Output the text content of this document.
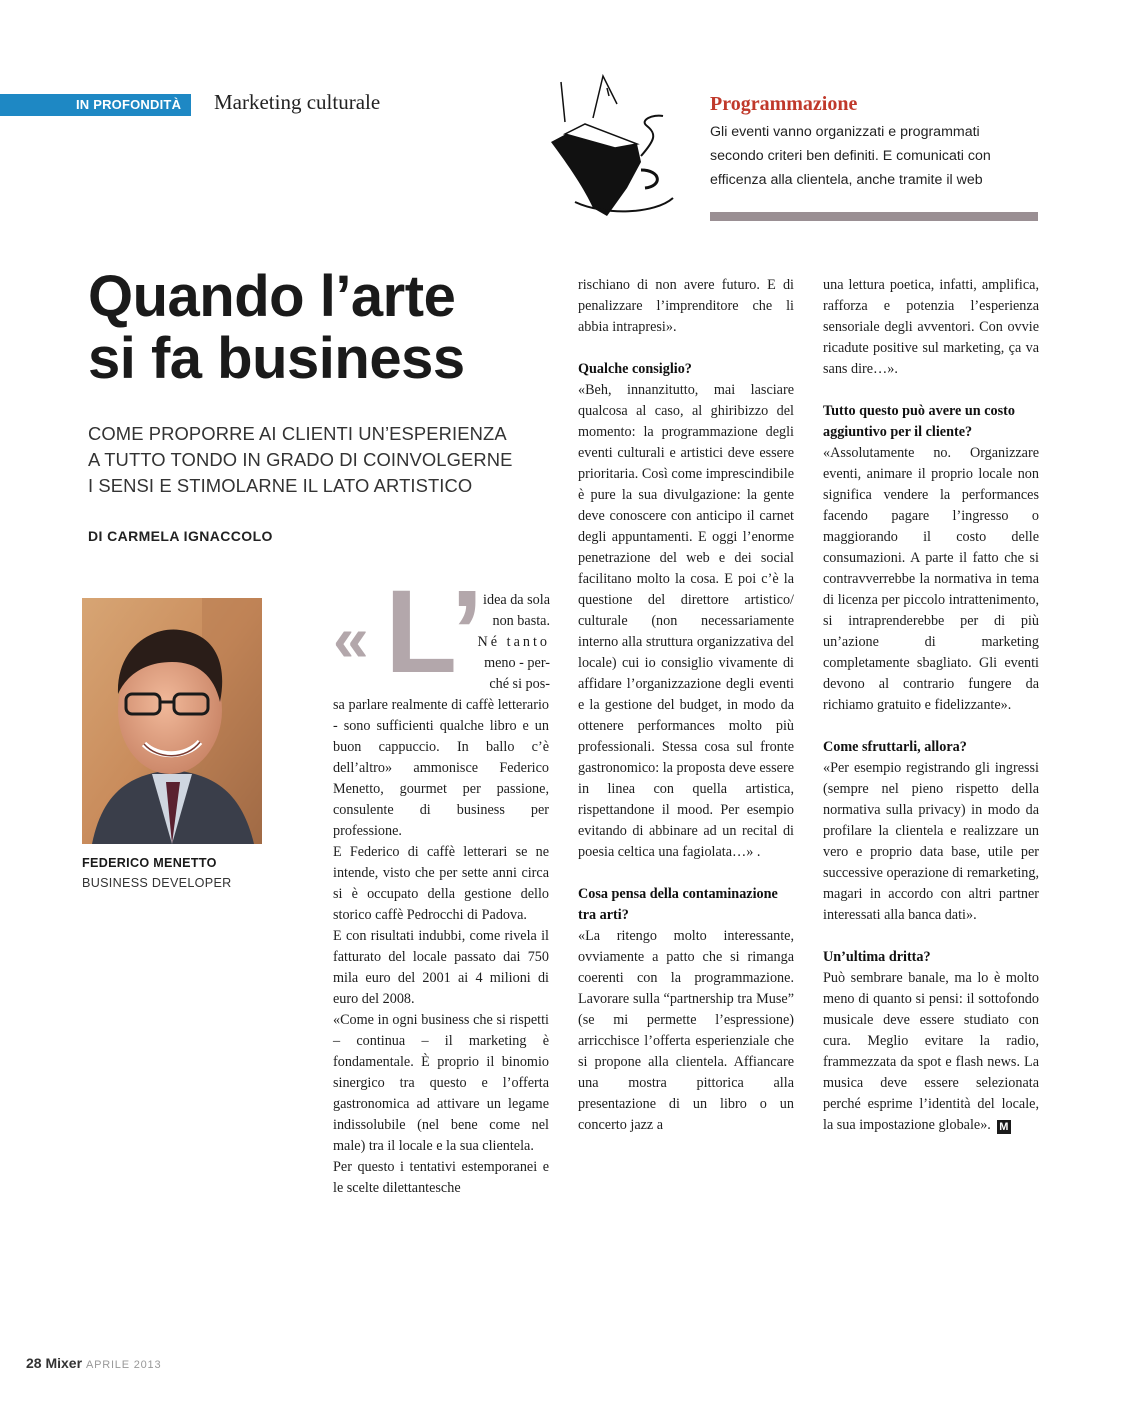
IN PROFONDITÀ	Marketing culturale	Programmazione
Gli eventi vanno organizzati e programmati
secondo criteri ben definiti. E comunicati con
efficenza alla clientela, anche tramite il web
Quando l’arte
si fa business
COME PROPORRE AI CLIENTI UN’ESPERIENZA
A TUTTO TONDO IN GRADO DI COINVOLGERNE
I SENSI E STIMOLARNE IL LATO ARTISTICO
DI CARMELA IGNACCOLO
FEDERICO MENETTO
BUSINESS DEVELOPER
« L’ idea da sola
non basta.
Né tanto
meno - per-
ché si pos-

sa parlare realmente di caffè letterario - sono sufficienti qualche libro e un buon cappuccio. In ballo c’è dell’altro» ammonisce Federico Menetto, gourmet per passione, consulente di business per professione.

E Federico di caffè letterari se ne intende, visto che per sette anni circa si è occupato della gestione dello storico caffè Pedrocchi di Padova.

E con risultati indubbi, come rivela il fatturato del locale passato dai 750 mila euro del 2001 ai 4 milioni di euro del 2008.

«Come in ogni business che si rispetti – continua – il marketing è fondamentale. È proprio il binomio sinergico tra questo e l’offerta gastronomica ad attivare un legame indissolubile (nel bene come nel male) tra il locale e la sua clientela.

Per questo i tentativi estemporanei e le scelte dilettantesche

rischiano di non avere futuro. E di penalizzare l’imprenditore che li abbia intrapresi».

Qualche consiglio?

«Beh, innanzitutto, mai lasciare qualcosa al caso, al ghiribizzo del momento: la programmazione degli eventi culturali e artistici deve essere prioritaria. Così come imprescindibile è pure la sua divulgazione: la gente deve conoscere con anticipo il carnet degli appuntamenti. E oggi l’enorme penetrazione del web e dei social facilitano molto la cosa. E poi c’è la questione del direttore artistico/ culturale (non necessariamente interno alla struttura organizzativa del locale) cui io consiglio vivamente di affidare l’organizzazione degli eventi e la gestione del budget, in modo da ottenere performances molto più professionali. Stessa cosa sul fronte gastronomico: la proposta deve essere in linea con quella artistica, rispettandone il mood. Per esempio evitando di abbinare ad un recital di poesia celtica una fagiolata…» .

Cosa pensa della contaminazione tra arti?

«La ritengo molto interessante, ovviamente a patto che si rimanga coerenti con la programmazione. Lavorare sulla “partnership tra Muse” (se mi permette l’espressione) arricchisce l’offerta esperienziale che si propone alla clientela. Affiancare una mostra pittorica alla presentazione di un libro o un concerto jazz a

una lettura poetica, infatti, amplifica, rafforza e potenzia l’esperienza sensoriale degli avventori. Con ovvie ricadute positive sul marketing, ça va sans dire…».

Tutto questo può avere un costo aggiuntivo per il cliente?

«Assolutamente no. Organizzare eventi, animare il proprio locale non significa vendere la performances facendo pagare l’ingresso o maggiorando il costo delle consumazioni. A parte il fatto che si contravverrebbe la normativa in tema di licenza per piccolo intrattenimento, si intraprenderebbe per di più un’azione di marketing completamente sbagliato. Gli eventi devono al contrario fungere da richiamo gratuito e fidelizzante».

Come sfruttarli, allora?

«Per esempio registrando gli ingressi (sempre nel pieno rispetto della normativa sulla privacy) in modo da profilare la clientela e realizzare un vero e proprio data base, utile per successive operazione di remarketing, magari in accordo con altri partner interessati alla banca dati».

Un’ultima dritta?

Può sembrare banale, ma lo è molto meno di quanto si pensi: il sottofondo musicale deve essere studiato con cura. Meglio evitare la radio, frammezzata da spot e flash news. La musica deve essere selezionata perché esprime l’identità del locale, la sua impostazione globale». M

28 Mixer APRILE 2013
